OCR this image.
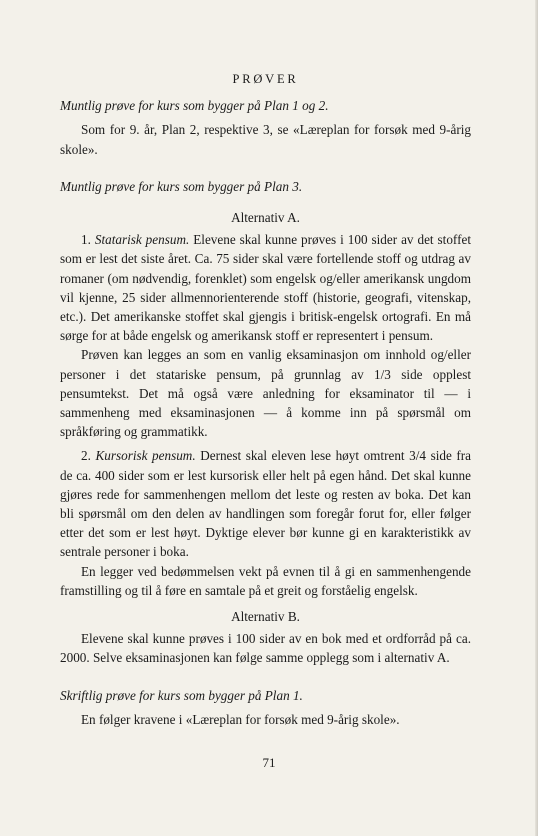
PRØVER

Muntlig prøve for kurs som bygger på Plan 1 og 2.

Som for 9. år, Plan 2, respektive 3, se «Læreplan for forsøk med 9-årig skole».

Muntlig prøve for kurs som bygger på Plan 3.

Alternativ A.

1. Statarisk pensum. Elevene skal kunne prøves i 100 sider av det stoffet som er lest det siste året. Ca. 75 sider skal være fortellende stoff og utdrag av romaner (om nødvendig, forenklet) som engelsk og/eller amerikansk ungdom vil kjenne, 25 sider allmennorienterende stoff (historie, geografi, vitenskap, etc.). Det amerikanske stoffet skal gjengis i britisk-engelsk ortografi. En må sørge for at både engelsk og amerikansk stoff er representert i pensum.

Prøven kan legges an som en vanlig eksaminasjon om innhold og/eller personer i det statariske pensum, på grunnlag av 1/3 side opplest pensumtekst. Det må også være anledning for eksaminator til — i sammenheng med eksaminasjonen — å komme inn på spørsmål om språkføring og grammatikk.

2. Kursorisk pensum. Dernest skal eleven lese høyt omtrent 3/4 side fra de ca. 400 sider som er lest kursorisk eller helt på egen hånd. Det skal kunne gjøres rede for sammenhengen mellom det leste og resten av boka. Det kan bli spørsmål om den delen av handlingen som foregår forut for, eller følger etter det som er lest høyt. Dyktige elever bør kunne gi en karakteristikk av sentrale personer i boka.

En legger ved bedømmelsen vekt på evnen til å gi en sammenhengende framstilling og til å føre en samtale på et greit og forståelig engelsk.

Alternativ B.

Elevene skal kunne prøves i 100 sider av en bok med et ordforråd på ca. 2000. Selve eksaminasjonen kan følge samme opplegg som i alternativ A.

Skriftlig prøve for kurs som bygger på Plan 1.

En følger kravene i «Læreplan for forsøk med 9-årig skole».

71
